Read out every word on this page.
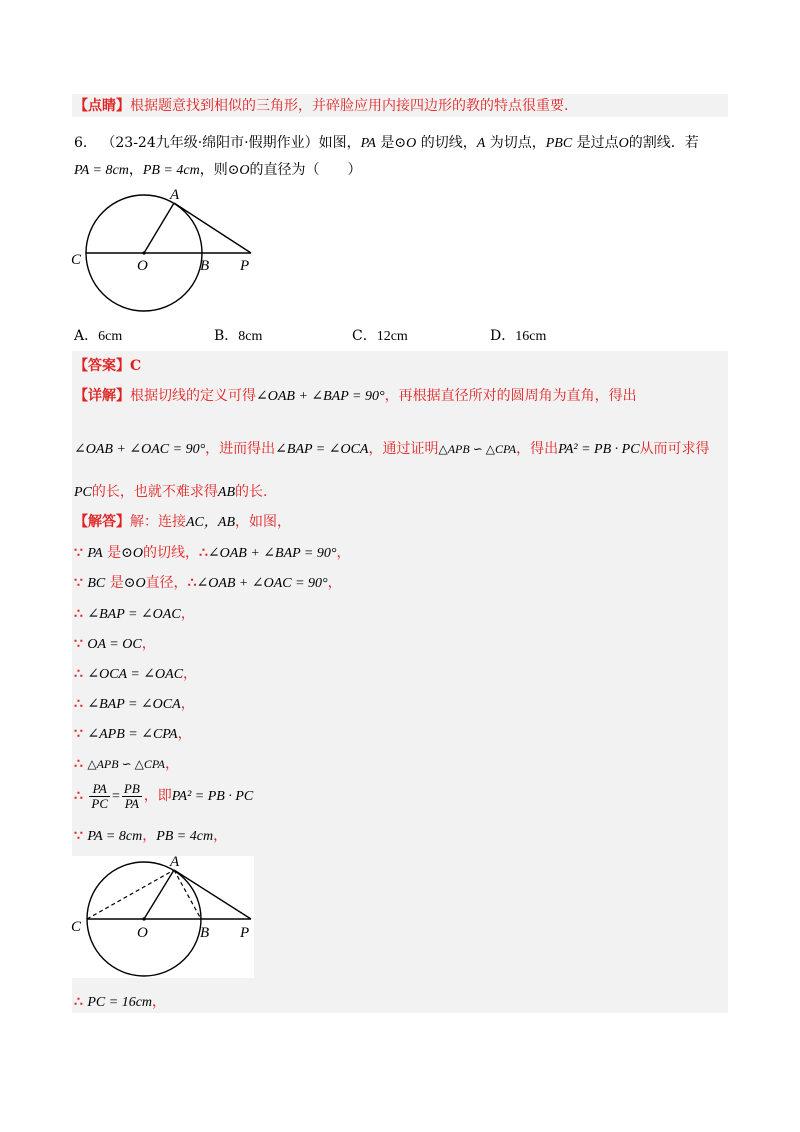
【点睛】根据题意找到相似的三角形，并碎脸应用内接四边形的教的特点很重要.
6． （23-24九年级·绵阳市·假期作业）如图，PA 是⊙O 的切线，A 为切点，PBC 是过点O的割线．若
PA = 8cm，PB = 4cm，则⊙O的直径为（　　）
A
C	O	B P
A．6cm	B．8cm	C．12cm	D．16cm
【答案】C
【详解】根据切线的定义可得∠OAB + ∠BAP = 90°，再根据直径所对的圆周角为直角，得出
∠OAB + ∠OAC = 90°，进而得出∠BAP = ∠OCA，通过证明△APB ∽ △CPA，得出PA² = PB · PC从而可求得
PC的长，也就不难求得AB的长.
【解答】解：连接AC，AB，如图，
∵ PA 是⊙O的切线，∴∠OAB + ∠BAP = 90°，
∵ BC 是⊙O直径，∴∠OAB + ∠OAC = 90°，
∴ ∠BAP = ∠OAC，
∵ OA = OC，
∴ ∠OCA = ∠OAC，
∴ ∠BAP = ∠OCA，
∵ ∠APB = ∠CPA，
∴ △APB ∽ △CPA，
∴ $\frac{PA}{PC} = \frac{PB}{PA}$ ，即PA² = PB · PC
∵ PA = 8cm，PB = 4cm，
A
C	O	B P
∴ PC = 16cm，
